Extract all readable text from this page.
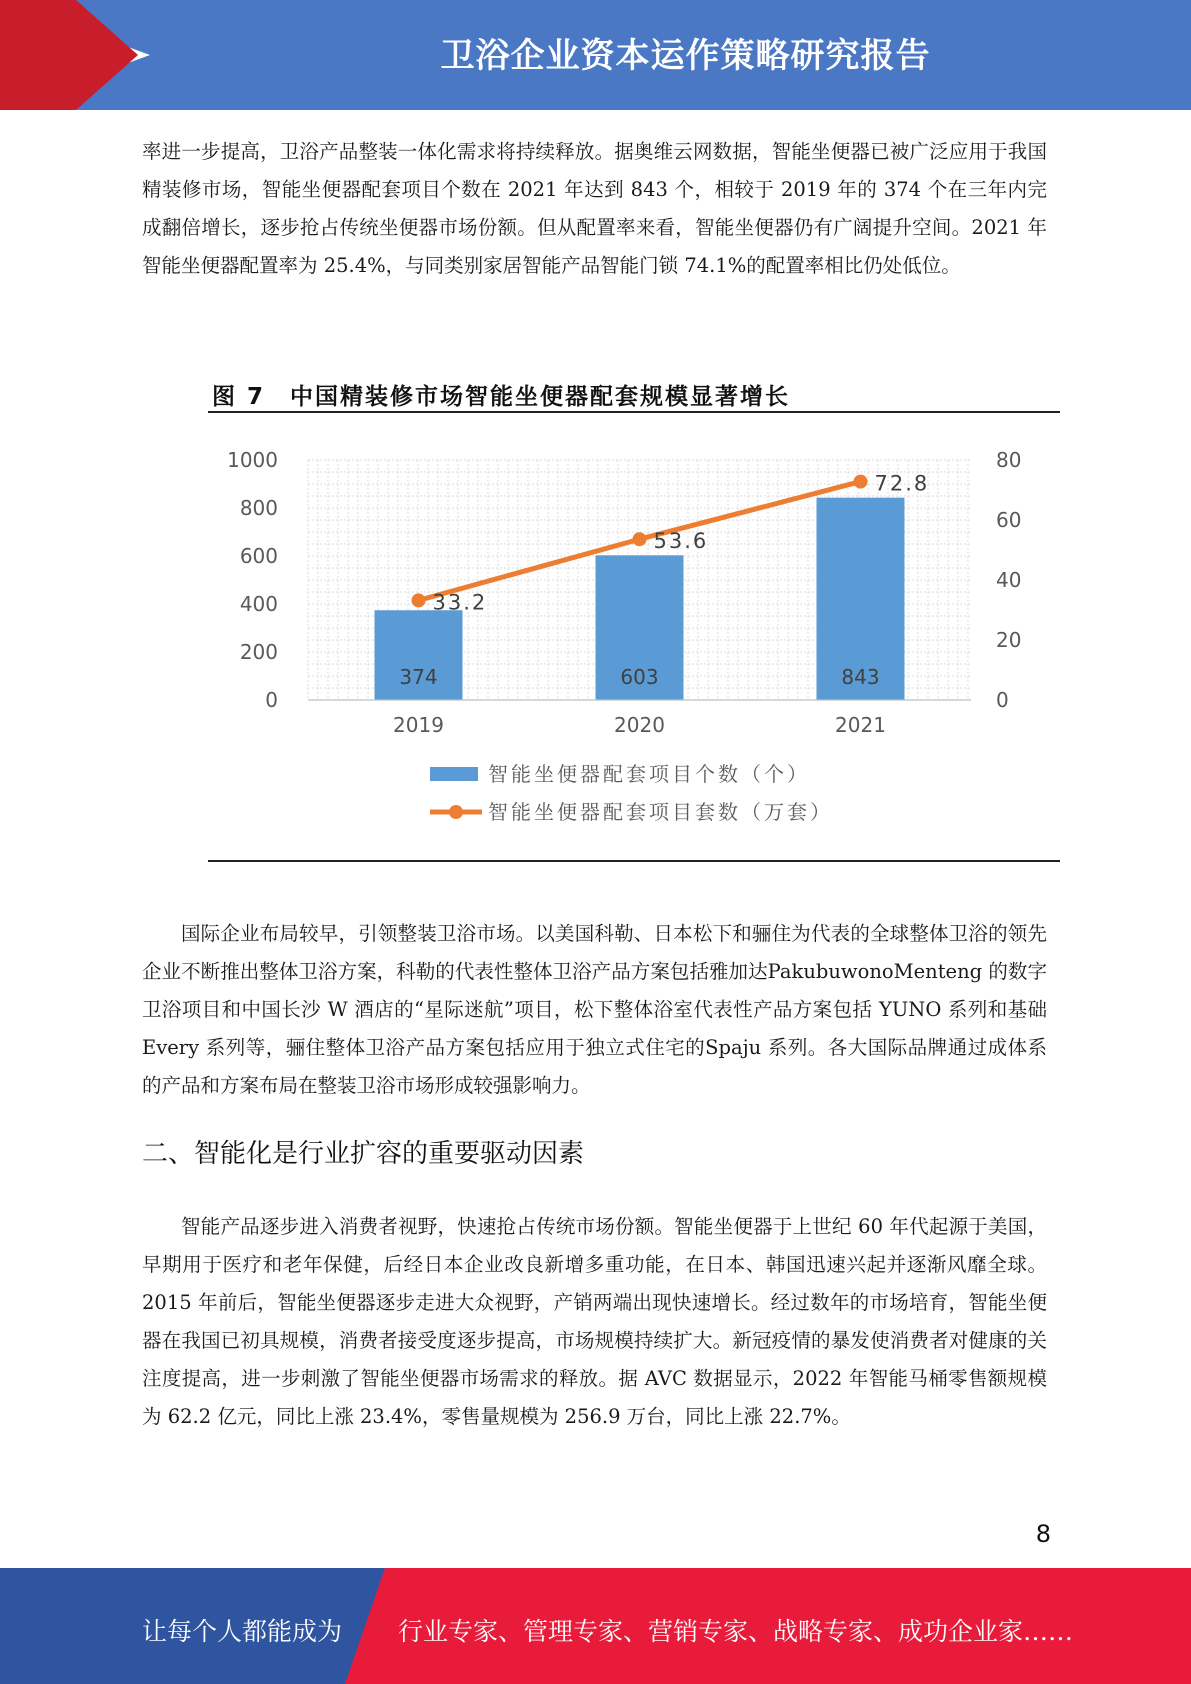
卫浴企业资本运作策略研究报告

率进一步提高，卫浴产品整装一体化需求将持续释放。据奥维云网数据，智能坐便器已被广泛应用于我国精装修市场，智能坐便器配套项目个数在 2021 年达到 843 个，相较于 2019 年的 374 个在三年内完成翻倍增长，逐步抢占传统坐便器市场份额。但从配置率来看，智能坐便器仍有广阔提升空间。2021 年智能坐便器配置率为 25.4%，与同类别家居智能产品智能门锁 74.1%的配置率相比仍处低位。

图 7　中国精装修市场智能坐便器配套规模显著增长
374	603	843
33.2
53.6
72.8
0
200
400
600
800
1000
0
20
40
60
80
2019	2020	2021
智能坐便器配套项目个数（个）
智能坐便器配套项目套数（万套）

国际企业布局较早，引领整装卫浴市场。以美国科勒、日本松下和骊住为代表的全球整体卫浴的领先企业不断推出整体卫浴方案，科勒的代表性整体卫浴产品方案包括雅加达PakubuwonoMenteng 的数字卫浴项目和中国长沙 W 酒店的“星际迷航”项目，松下整体浴室代表性产品方案包括 YUNO 系列和基础 Every 系列等，骊住整体卫浴产品方案包括应用于独立式住宅的Spaju 系列。各大国际品牌通过成体系的产品和方案布局在整装卫浴市场形成较强影响力。

二、智能化是行业扩容的重要驱动因素

智能产品逐步进入消费者视野，快速抢占传统市场份额。智能坐便器于上世纪 60 年代起源于美国，早期用于医疗和老年保健，后经日本企业改良新增多重功能，在日本、韩国迅速兴起并逐渐风靡全球。2015 年前后，智能坐便器逐步走进大众视野，产销两端出现快速增长。经过数年的市场培育，智能坐便器在我国已初具规模，消费者接受度逐步提高，市场规模持续扩大。新冠疫情的暴发使消费者对健康的关注度提高，进一步刺激了智能坐便器市场需求的释放。据 AVC 数据显示，2022 年智能马桶零售额规模为 62.2 亿元，同比上涨 23.4%，零售量规模为 256.9 万台，同比上涨 22.7%。

8
让每个人都能成为 行业专家、管理专家、营销专家、战略专家、成功企业家……
